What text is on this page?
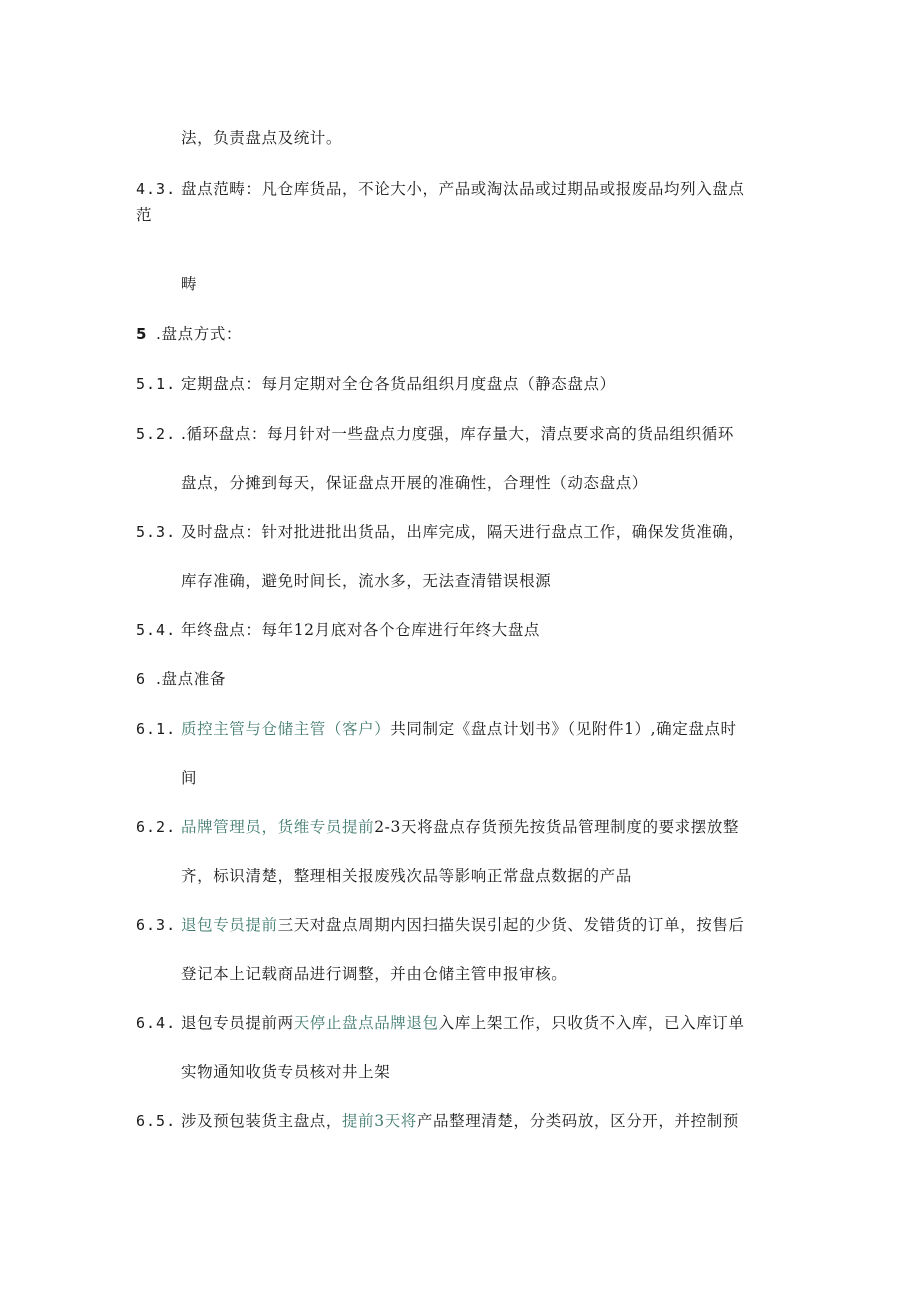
法，负责盘点及统计。
4.3. 盘点范畴：凡仓库货品，不论大小，产品或淘汰品或过期品或报废品均列入盘点
范
畴
5 .盘点方式：
5.1. 定期盘点：每月定期对全仓各货品组织月度盘点（静态盘点）
5.2. .循环盘点：每月针对一些盘点力度强，库存量大，清点要求高的货品组织循环
盘点，分摊到每天，保证盘点开展的准确性，合理性（动态盘点）
5.3. 及时盘点：针对批进批出货品，出库完成，隔天进行盘点工作，确保发货准确，
库存准确，避免时间长，流水多，无法查清错误根源
5.4. 年终盘点：每年12月底对各个仓库进行年终大盘点
6 .盘点准备
6.1. 质控主管与仓储主管（客户）共同制定《盘点计划书》（见附件1）,确定盘点时
间
6.2. 品牌管理员，货维专员提前2-3天将盘点存货预先按货品管理制度的要求摆放整
齐，标识清楚，整理相关报废残次品等影响正常盘点数据的产品
6.3. 退包专员提前三天对盘点周期内因扫描失误引起的少货、发错货的订单，按售后
登记本上记载商品进行调整，并由仓储主管申报审核。
6.4. 退包专员提前两天停止盘点品牌退包入库上架工作，只收货不入库，已入库订单
实物通知收货专员核对井上架
6.5. 涉及预包装货主盘点，提前3天将产品整理清楚，分类码放，区分开，并控制预
